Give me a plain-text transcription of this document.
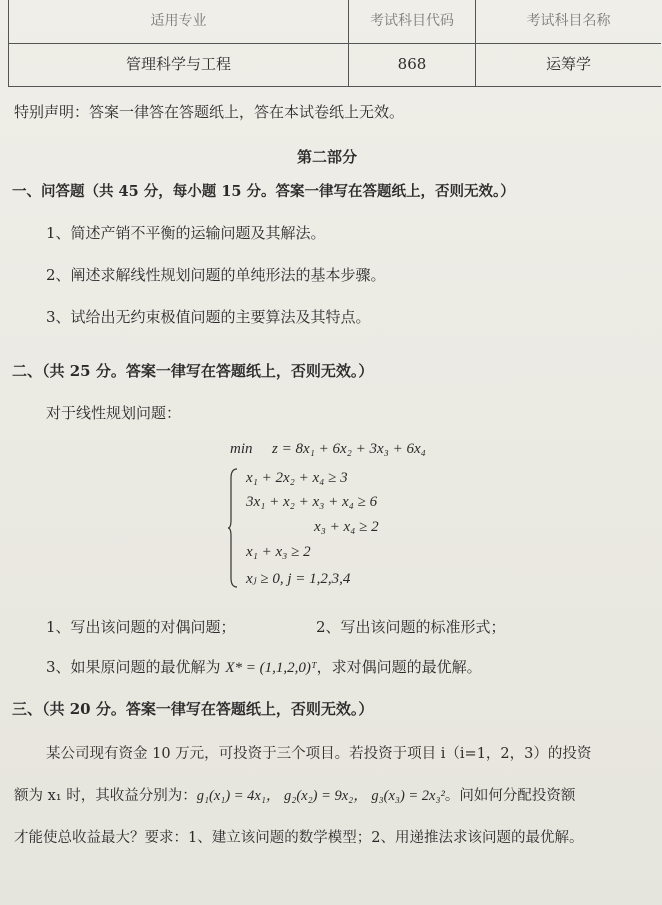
适用专业	考试科目代码	考试科目名称
管理科学与工程	868	运筹学
特别声明：答案一律答在答题纸上，答在本试卷纸上无效。
第二部分
一、问答题（共 45 分，每小题 15 分。答案一律写在答题纸上，否则无效。）
1、简述产销不平衡的运输问题及其解法。
2、阐述求解线性规划问题的单纯形法的基本步骤。
3、试给出无约束极值问题的主要算法及其特点。
二、（共 25 分。答案一律写在答题纸上，否则无效。）
对于线性规划问题：
min z = 8x₁ + 6x₂ + 3x₃ + 6x₄
x₁ + 2x₂ + x₄ ≥ 3
3x₁ + x₂ + x₃ + x₄ ≥ 6
x₃ + x₄ ≥ 2
x₁ + x₃ ≥ 2
xⱼ ≥ 0, j = 1,2,3,4
1、写出该问题的对偶问题；	2、写出该问题的标准形式；
3、如果原问题的最优解为 X* = (1,1,2,0)ᵀ，求对偶问题的最优解。
三、（共 20 分。答案一律写在答题纸上，否则无效。）
某公司现有资金 10 万元，可投资于三个项目。若投资于项目 i（i=1，2，3）的投资
额为 x₁ 时，其收益分别为：g₁(x₁) = 4x₁， g₂(x₂) = 9x₂， g₃(x₃) = 2x₃²。问如何分配投资额
才能使总收益最大？要求：1、建立该问题的数学模型；2、用递推法求该问题的最优解。
